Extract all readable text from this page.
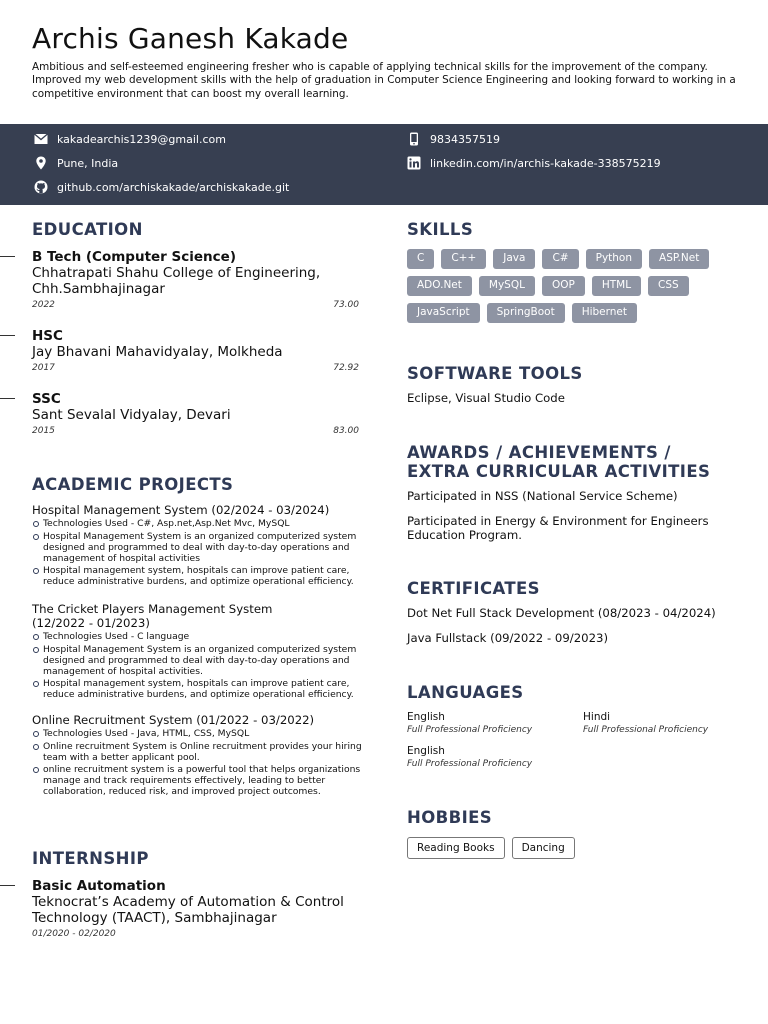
Archis Ganesh Kakade
Ambitious and self-esteemed engineering fresher who is capable of applying technical skills for the improvement of the company. Improved my web development skills with the help of graduation in Computer Science Engineering and looking forward to working in a competitive environment that can boost my overall learning.
kakadearchis1239@gmail.com	9834357519
Pune, India	linkedin.com/in/archis-kakade-338575219
github.com/archiskakade/archiskakade.git
EDUCATION
B Tech (Computer Science)
Chhatrapati Shahu College of Engineering, Chh.Sambhajinagar
2022	73.00
HSC
Jay Bhavani Mahavidyalay, Molkheda
2017	72.92
SSC
Sant Sevalal Vidyalay, Devari
2015	83.00
ACADEMIC PROJECTS
Hospital Management System (02/2024 - 03/2024)
Technologies Used - C#, Asp.net,Asp.Net Mvc, MySQL
Hospital Management System is an organized computerized system designed and programmed to deal with day-to-day operations and management of hospital activities
Hospital management system, hospitals can improve patient care, reduce administrative burdens, and optimize operational efficiency.
The Cricket Players Management System
(12/2022 - 01/2023)
Technologies Used - C language
Hospital Management System is an organized computerized system designed and programmed to deal with day-to-day operations and management of hospital activities.
Hospital management system, hospitals can improve patient care, reduce administrative burdens, and optimize operational efficiency.
Online Recruitment System (01/2022 - 03/2022)
Technologies Used - Java, HTML, CSS, MySQL
Online recruitment System is Online recruitment provides your hiring team with a better applicant pool.
online recruitment system is a powerful tool that helps organizations manage and track requirements effectively, leading to better collaboration, reduced risk, and improved project outcomes.
INTERNSHIP
Basic Automation
Teknocrat’s Academy of Automation & Control Technology (TAACT), Sambhajinagar
01/2020 - 02/2020
SKILLS
C	C++	Java	C#	Python	ASP.Net
ADO.Net	MySQL	OOP	HTML	CSS
JavaScript	SpringBoot	Hibernet
SOFTWARE TOOLS
Eclipse, Visual Studio Code
AWARDS / ACHIEVEMENTS / EXTRA CURRICULAR ACTIVITIES
Participated in NSS (National Service Scheme)
Participated in Energy & Environment for Engineers Education Program.
CERTIFICATES
Dot Net Full Stack Development (08/2023 - 04/2024)
Java Fullstack (09/2022 - 09/2023)
LANGUAGES
English
Full Professional Proficiency
Hindi
Full Professional Proficiency
English
Full Professional Proficiency
HOBBIES
Reading Books	Dancing
